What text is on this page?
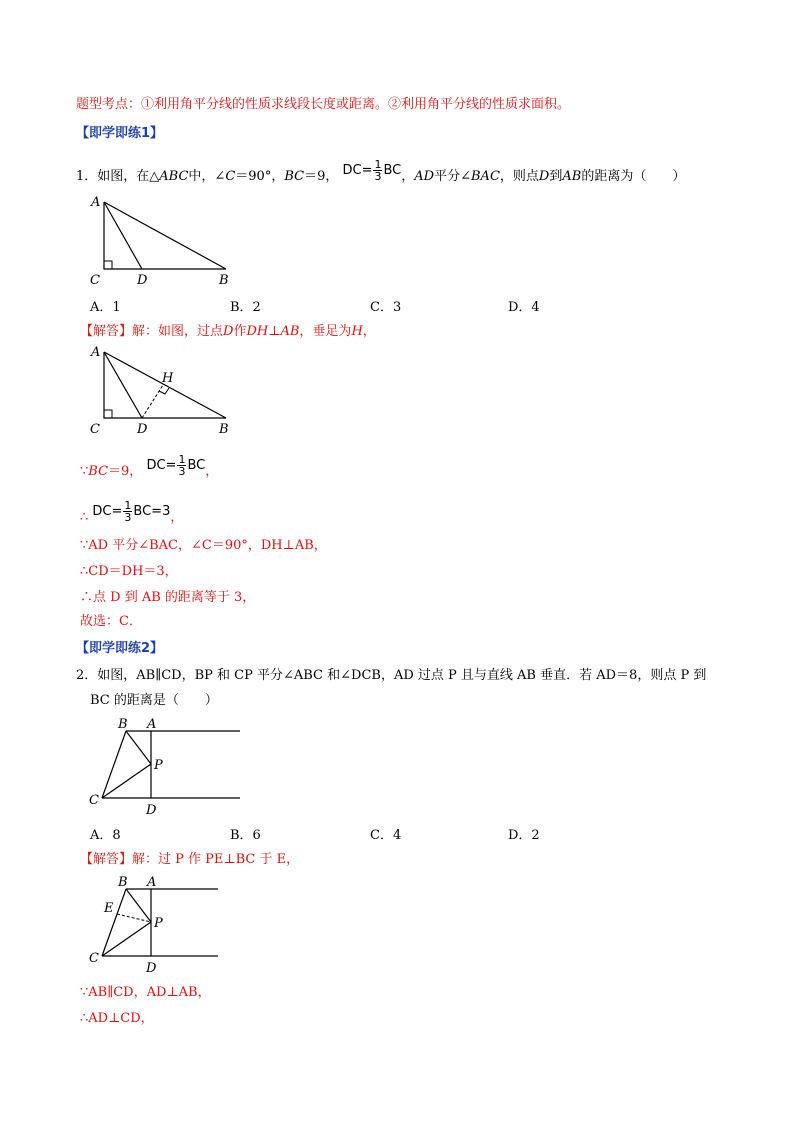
题型考点：①利用角平分线的性质求线段长度或距离。②利用角平分线的性质求面积。
【即学即练1】
1．如图，在△ABC中，∠C＝90°，BC＝9， $DC= \frac{1}{3}$ BC，AD平分∠BAC，则点D到AB的距离为（　　）
A
C	D	B
A．1	B．2	C．3	D．4
【解答】解：如图，过点D作DH⊥AB，垂足为H，
A
H
C	D	B
∵BC＝9， $DC= \frac{1}{3}$ BC，
∴ $DC= \frac{1}{3} BC=3$，
∵AD 平分∠BAC，∠C＝90°，DH⊥AB，
∴CD＝DH＝3，
∴点 D 到 AB 的距离等于 3，
故选：C．
【即学即练2】
2．如图，AB∥CD，BP 和 CP 平分∠ABC 和∠DCB，AD 过点 P 且与直线 AB 垂直．若 AD＝8，则点 P 到
BC 的距离是（　　）
B A
P
C
D
A．8	B．6	C．4	D．2
【解答】解：过 P 作 PE⊥BC 于 E，
B A
E
P
C
D
∵AB∥CD，AD⊥AB，
∴AD⊥CD，
